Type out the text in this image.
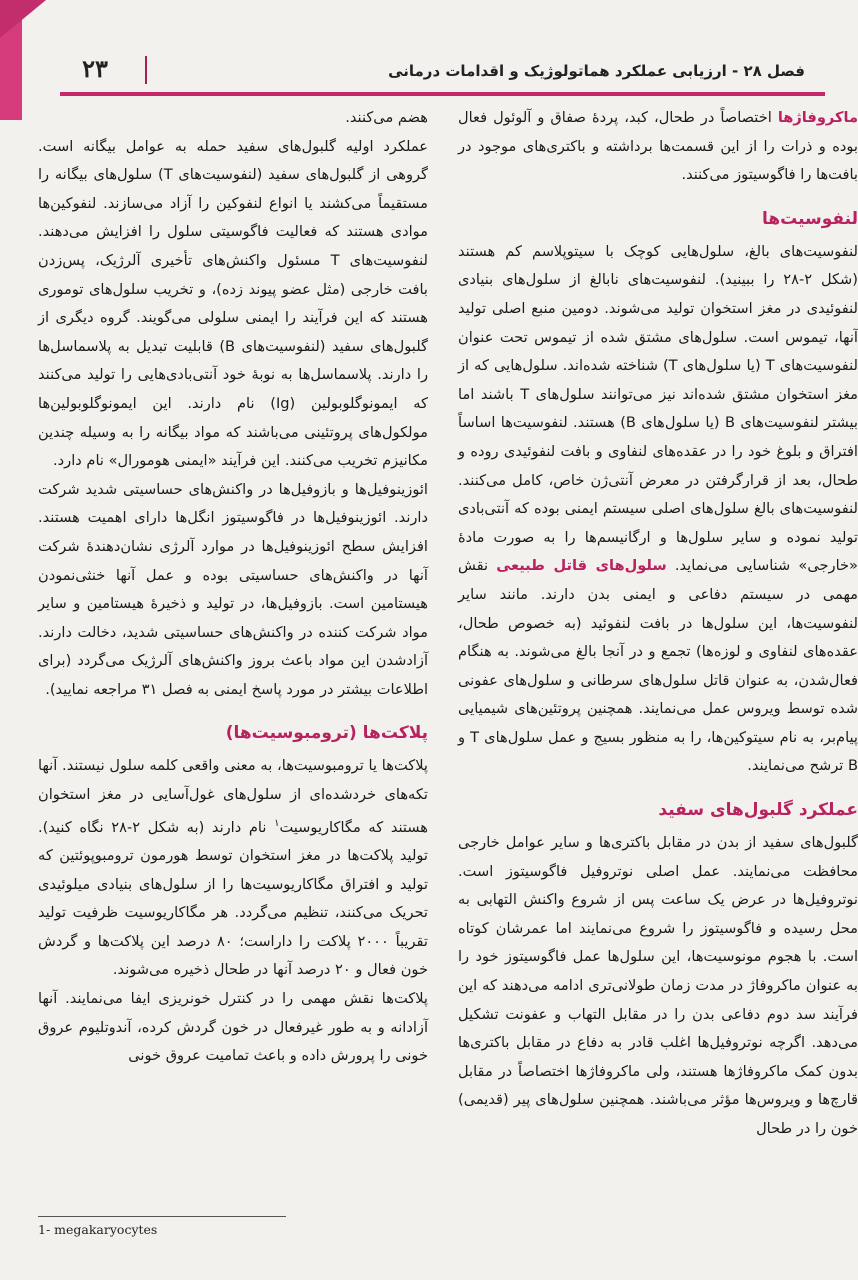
۲۳	فصل ۲۸ - ارزیابی عملکرد هماتولوژیک و اقدامات درمانی

ماکروفاژها اختصاصاً در طحال، کبد، پردهٔ صفاق و آلوئول فعال بوده و ذرات را از این قسمت‌ها برداشته و باکتری‌های موجود در بافت‌ها را فاگوسیتوز می‌کنند.

لنفوسیت‌ها

لنفوسیت‌های بالغ، سلول‌هایی کوچک با سیتوپلاسم کم هستند (شکل ۲-۲۸ را ببینید). لنفوسیت‌های نابالغ از سلول‌های بنیادی لنفوئیدی در مغز استخوان تولید می‌شوند. دومین منبع اصلی تولید آنها، تیموس است. سلول‌های مشتق شده از تیموس تحت عنوان لنفوسیت‌های T (یا سلول‌های T) شناخته شده‌اند. سلول‌هایی که از مغز استخوان مشتق شده‌اند نیز می‌توانند سلول‌های T باشند اما بیشتر لنفوسیت‌های B (یا سلول‌های B) هستند. لنفوسیت‌ها اساساً افتراق و بلوغ خود را در عقده‌های لنفاوی و بافت لنفوئیدی روده و طحال، بعد از قرارگرفتن در معرض آنتی‌ژن خاص، کامل می‌کنند. لنفوسیت‌های بالغ سلول‌های اصلی سیستم ایمنی بوده که آنتی‌بادی تولید نموده و سایر سلول‌ها و ارگانیسم‌ها را به صورت مادهٔ «خارجی» شناسایی می‌نماید. سلول‌های قاتل طبیعی نقش مهمی در سیستم دفاعی و ایمنی بدن دارند. مانند سایر لنفوسیت‌ها، این سلول‌ها در بافت لنفوئید (به خصوص طحال، عقده‌های لنفاوی و لوزه‌ها) تجمع و در آنجا بالغ می‌شوند. به هنگام فعال‌شدن، به عنوان قاتل سلول‌های سرطانی و سلول‌های عفونی شده توسط ویروس عمل می‌نمایند. همچنین پروتئین‌های شیمیایی پیام‌بر، به نام سیتوکین‌ها، را به منظور بسیج و عمل سلول‌های T و B ترشح می‌نمایند.

عملکرد گلبول‌های سفید

گلبول‌های سفید از بدن در مقابل باکتری‌ها و سایر عوامل خارجی محافظت می‌نمایند. عمل اصلی نوتروفیل فاگوسیتوز است. نوتروفیل‌ها در عرض یک ساعت پس از شروع واکنش التهابی به محل رسیده و فاگوسیتوز را شروع می‌نمایند اما عمرشان کوتاه است. با هجوم مونوسیت‌ها، این سلول‌ها عمل فاگوسیتوز خود را به عنوان ماکروفاژ در مدت زمان طولانی‌تری ادامه می‌دهند که این فرآیند سد دوم دفاعی بدن را در مقابل التهاب و عفونت تشکیل می‌دهد. اگرچه نوتروفیل‌ها اغلب قادر به دفاع در مقابل باکتری‌ها بدون کمک ماکروفاژها هستند، ولی ماکروفاژها اختصاصاً در مقابل قارچ‌ها و ویروس‌ها مؤثر می‌باشند. همچنین سلول‌های پیر (قدیمی) خون را در طحال

هضم می‌کنند.

عملکرد اولیه گلبول‌های سفید حمله به عوامل بیگانه است. گروهی از گلبول‌های سفید (لنفوسیت‌های T) سلول‌های بیگانه را مستقیماً می‌کشند یا انواع لنفوکین را آزاد می‌سازند. لنفوکین‌ها موادی هستند که فعالیت فاگوسیتی سلول را افزایش می‌دهند. لنفوسیت‌های T مسئول واکنش‌های تأخیری آلرژیک، پس‌زدن بافت خارجی (مثل عضو پیوند زده)، و تخریب سلول‌های توموری هستند که این فرآیند را ایمنی سلولی می‌گویند. گروه دیگری از گلبول‌های سفید (لنفوسیت‌های B) قابلیت تبدیل به پلاسماسل‌ها را دارند. پلاسماسل‌ها به نوبهٔ خود آنتی‌بادی‌هایی را تولید می‌کنند که ایمونوگلوبولین (Ig) نام دارند. این ایمونوگلوبولین‌ها مولکول‌های پروتئینی می‌باشند که مواد بیگانه را به وسیله چندین مکانیزم تخریب می‌کنند. این فرآیند «ایمنی هومورال» نام دارد.

ائوزینوفیل‌ها و بازوفیل‌ها در واکنش‌های حساسیتی شدید شرکت دارند. ائوزینوفیل‌ها در فاگوسیتوز انگل‌ها دارای اهمیت هستند. افزایش سطح ائوزینوفیل‌ها در موارد آلرژی نشان‌دهندهٔ شرکت آنها در واکنش‌های حساسیتی بوده و عمل آنها خنثی‌نمودن هیستامین است. بازوفیل‌ها، در تولید و ذخیرهٔ هیستامین و سایر مواد شرکت کننده در واکنش‌های حساسیتی شدید، دخالت دارند. آزادشدن این مواد باعث بروز واکنش‌های آلرژیک می‌گردد (برای اطلاعات بیشتر در مورد پاسخ ایمنی به فصل ۳۱ مراجعه نمایید).

پلاکت‌ها (ترومبوسیت‌ها)

پلاکت‌ها یا ترومبوسیت‌ها، به معنی واقعی کلمه سلول نیستند. آنها تکه‌های خردشده‌ای از سلول‌های غول‌آسایی در مغز استخوان هستند که مگاکاریوسیت$^۱$ نام دارند (به شکل ۲-۲۸ نگاه کنید). تولید پلاکت‌ها در مغز استخوان توسط هورمون ترومبوپوئتین که تولید و افتراق مگاکاریوسیت‌ها را از سلول‌های بنیادی میلوئیدی تحریک می‌کنند، تنظیم می‌گردد. هر مگاکاریوسیت ظرفیت تولید تقریباً ۲۰۰۰ پلاکت را داراست؛ ۸۰ درصد این پلاکت‌ها و گردش خون فعال و ۲۰ درصد آنها در طحال ذخیره می‌شوند.

پلاکت‌ها نقش مهمی را در کنترل خونریزی ایفا می‌نمایند. آنها آزادانه و به طور غیرفعال در خون گردش کرده، آندوتلیوم عروق خونی را پرورش داده و باعث تمامیت عروق خونی

1- megakaryocytes
